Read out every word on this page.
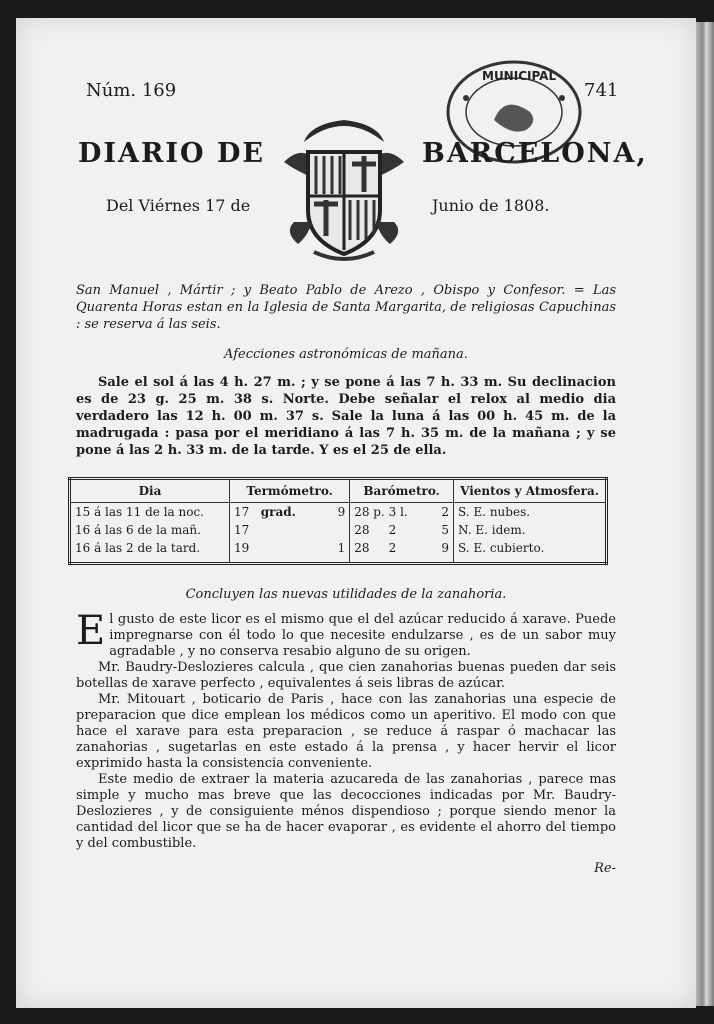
Núm. 169	741
MUNICIPAL
DIARIO DE	BARCELONA,
Del Viérnes 17 de	Junio de 1808.

San Manuel , Mártir ; y Beato Pablo de Arezo , Obispo y Confesor. = Las Quarenta Horas estan en la Iglesia de Santa Margarita, de religiosas Capuchinas : se reserva á las seis.

Afecciones astronómicas de mañana.

Sale el sol á las 4 h. 27 m. ; y se pone á las 7 h. 33 m. Su declinacion es de 23 g. 25 m. 38 s. Norte. Debe señalar el relox al medio dia verdadero las 12 h. 00 m. 37 s. Sale la luna á las 00 h. 45 m. de la madrugada : pasa por el meridiano á las 7 h. 35 m. de la mañana ; y se pone á las 2 h. 33 m. de la tarde. Y es el 25 de ella.

Dia	Termómetro.		Barómetro.		Vientos y Atmosfera.
15 á las 11 de la noc.	17 grad.	9	28 p. 3 l.	2	S. E. nubes.
16 á las 6 de la mañ.	17		28 2	5	N. E. idem.
16 á las 2 de la tard.	19	1	28 2	9	S. E. cubierto.
Concluyen las nuevas utilidades de la zanahoria.

El gusto de este licor es el mismo que el del azúcar reducido á xarave. Puede impregnarse con él todo lo que necesite endulzarse , es de un sabor muy agradable , y no conserva resabio alguno de su origen.

Mr. Baudry-Deslozieres calcula , que cien zanahorias buenas pueden dar seis botellas de xarave perfecto , equivalentes á seis libras de azúcar.

Mr. Mitouart , boticario de Paris , hace con las zanahorias una especie de preparacion que dice emplean los médicos como un aperitivo. El modo con que hace el xarave para esta preparacion , se reduce á raspar ó machacar las zanahorias , sugetarlas en este estado á la prensa , y hacer hervir el licor exprimido hasta la consistencia conveniente.

Este medio de extraer la materia azucareda de las zanahorias , parece mas simple y mucho mas breve que las decocciones indicadas por Mr. Baudry-Deslozieres , y de consiguiente ménos dispendioso ; porque siendo menor la cantidad del licor que se ha de hacer evaporar , es evidente el ahorro del tiempo y del combustible.

Re-
